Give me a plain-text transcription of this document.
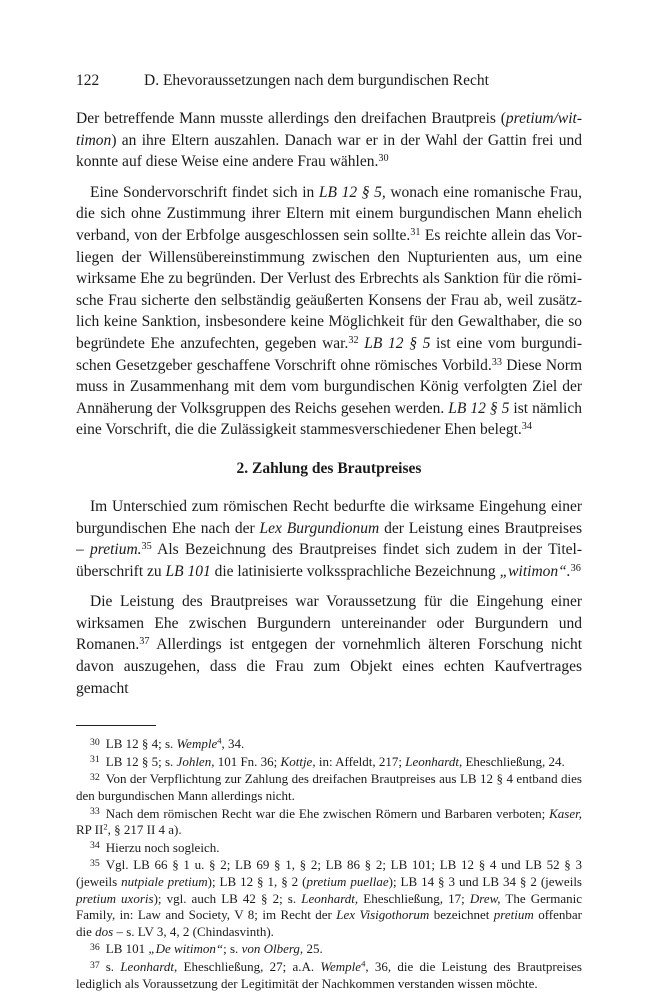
122	D. Ehevoraussetzungen nach dem burgundischen Recht

Der betreffende Mann musste allerdings den dreifachen Brautpreis (pretium/wittimon) an ihre Eltern auszahlen. Danach war er in der Wahl der Gattin frei und konnte auf diese Weise eine andere Frau wählen.$^{30}$

Eine Sondervorschrift findet sich in LB 12 § 5, wonach eine romanische Frau, die sich ohne Zustimmung ihrer Eltern mit einem burgundischen Mann ehelich verband, von der Erbfolge ausgeschlossen sein sollte.$^{31}$ Es reichte allein das Vorliegen der Willensübereinstimmung zwischen den Nupturienten aus, um eine wirksame Ehe zu begründen. Der Verlust des Erbrechts als Sanktion für die römische Frau sicherte den selbständig geäußerten Konsens der Frau ab, weil zusätzlich keine Sanktion, insbesondere keine Möglichkeit für den Gewalthaber, die so begründete Ehe anzufechten, gegeben war.$^{32}$ LB 12 § 5 ist eine vom burgundischen Gesetzgeber geschaffene Vorschrift ohne römisches Vorbild.$^{33}$ Diese Norm muss in Zusammenhang mit dem vom burgundischen König verfolgten Ziel der Annäherung der Volksgruppen des Reichs gesehen werden. LB 12 § 5 ist nämlich eine Vorschrift, die die Zulässigkeit stammesverschiedener Ehen belegt.$^{34}$

2. Zahlung des Brautpreises

Im Unterschied zum römischen Recht bedurfte die wirksame Eingehung einer burgundischen Ehe nach der Lex Burgundionum der Leistung eines Brautpreises – pretium.$^{35}$ Als Bezeichnung des Brautpreises findet sich zudem in der Titelüberschrift zu LB 101 die latinisierte volkssprachliche Bezeichnung „witimon“.$^{36}$

Die Leistung des Brautpreises war Voraussetzung für die Eingehung einer wirksamen Ehe zwischen Burgundern untereinander oder Burgundern und Romanen.$^{37}$ Allerdings ist entgegen der vornehmlich älteren Forschung nicht davon auszugehen, dass die Frau zum Objekt eines echten Kaufvertrages gemacht

$^{30}$ LB 12 § 4; s. Wemple$^4$, 34.

$^{31}$ LB 12 § 5; s. Johlen, 101 Fn. 36; Kottje, in: Affeldt, 217; Leonhardt, Eheschließung, 24.

$^{32}$ Von der Verpflichtung zur Zahlung des dreifachen Brautpreises aus LB 12 § 4 entband dies den burgundischen Mann allerdings nicht.

$^{33}$ Nach dem römischen Recht war die Ehe zwischen Römern und Barbaren verboten; Kaser, RP $II^2$, § 217 II 4 a).

$^{34}$ Hierzu noch sogleich.

$^{35}$ Vgl. LB 66 § 1 u. § 2; LB 69 § 1, § 2; LB 86 § 2; LB 101; LB 12 § 4 und LB 52 § 3 (jeweils nutpiale pretium); LB 12 § 1, § 2 (pretium puellae); LB 14 § 3 und LB 34 § 2 (jeweils pretium uxoris); vgl. auch LB 42 § 2; s. Leonhardt, Eheschließung, 17; Drew, The Germanic Family, in: Law and Society, V 8; im Recht der Lex Visigothorum bezeichnet pretium offenbar die dos – s. LV 3, 4, 2 (Chindasvinth).

$^{36}$ LB 101 „De witimon“; s. von Olberg, 25.

$^{37}$ s. Leonhardt, Eheschließung, 27; a.A. Wemple$^4$, 36, die die Leistung des Brautpreises lediglich als Voraussetzung der Legitimität der Nachkommen verstanden wissen möchte.
